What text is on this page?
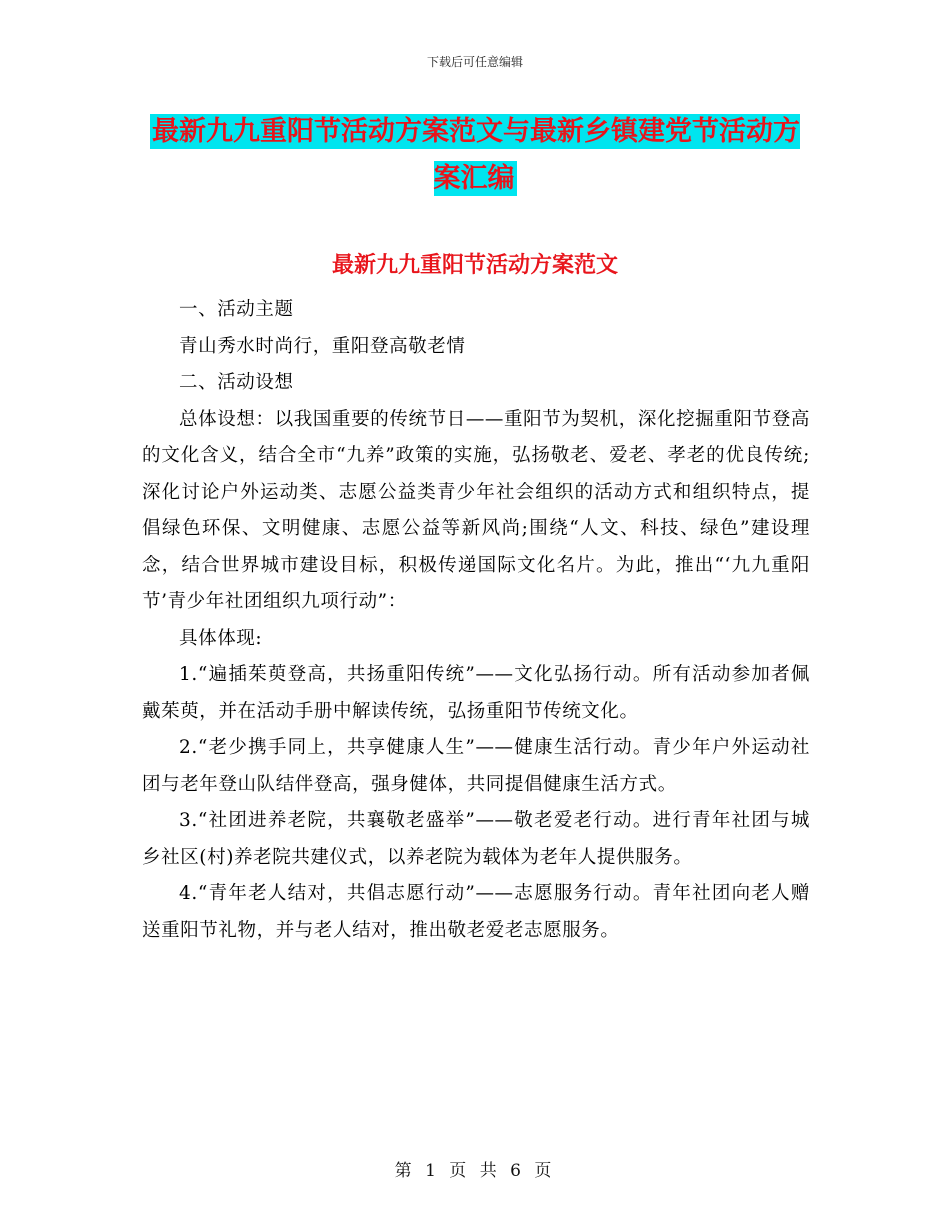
下载后可任意编辑
最新九九重阳节活动方案范文与最新乡镇建党节活动方案汇编
最新九九重阳节活动方案范文

一、活动主题

青山秀水时尚行，重阳登高敬老情

二、活动设想

总体设想：以我国重要的传统节日——重阳节为契机，深化挖掘重阳节登高的文化含义，结合全市“九养”政策的实施，弘扬敬老、爱老、孝老的优良传统;深化讨论户外运动类、志愿公益类青少年社会组织的活动方式和组织特点，提倡绿色环保、文明健康、志愿公益等新风尚;围绕“人文、科技、绿色”建设理念，结合世界城市建设目标，积极传递国际文化名片。为此，推出“‘九九重阳节’青少年社团组织九项行动”：

具体体现:

1.“遍插茱萸登高，共扬重阳传统”——文化弘扬行动。所有活动参加者佩戴茱萸，并在活动手册中解读传统，弘扬重阳节传统文化。

2.“老少携手同上，共享健康人生”——健康生活行动。青少年户外运动社团与老年登山队结伴登高，强身健体，共同提倡健康生活方式。

3.“社团进养老院，共襄敬老盛举”——敬老爱老行动。进行青年社团与城乡社区(村)养老院共建仪式，以养老院为载体为老年人提供服务。

4.“青年老人结对，共倡志愿行动”——志愿服务行动。青年社团向老人赠送重阳节礼物，并与老人结对，推出敬老爱老志愿服务。

第 1 页 共 6 页
